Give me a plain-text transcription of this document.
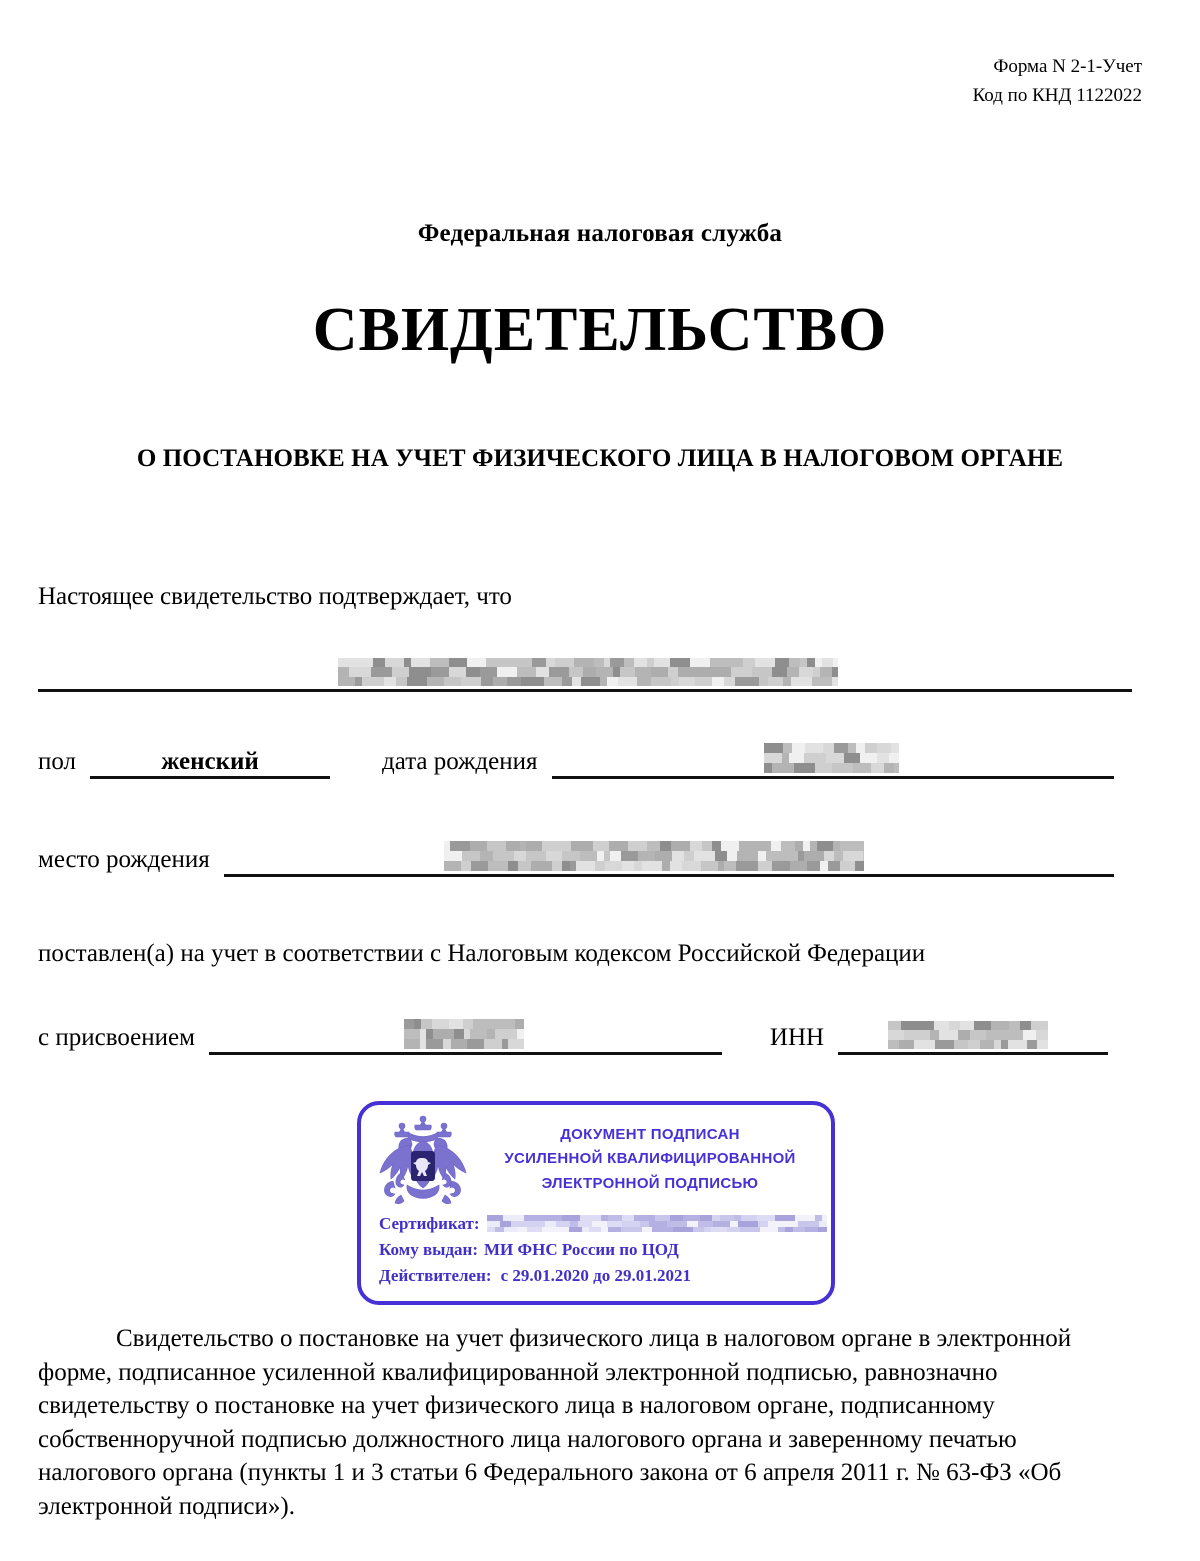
Форма N 2-1-Учет
Код по КНД 1122022
Федеральная налоговая служба
СВИДЕТЕЛЬСТВО
О ПОСТАНОВКЕ НА УЧЕТ ФИЗИЧЕСКОГО ЛИЦА В НАЛОГОВОМ ОРГАНЕ
Настоящее свидетельство подтверждает, что
пол	женский	дата рождения
место рождения
поставлен(а) на учет в соответствии с Налоговым кодексом Российской Федерации
с присвоением	ИНН
ДОКУМЕНТ ПОДПИСАН
УСИЛЕННОЙ КВАЛИФИЦИРОВАННОЙ
ЭЛЕКТРОННОЙ ПОДПИСЬЮ
Сертификат:
Кому выдан: МИ ФНС России по ЦОД
Действителен: с 29.01.2020 до 29.01.2021
Свидетельство о постановке на учет физического лица в налоговом органе в электронной форме, подписанное усиленной квалифицированной электронной подписью, равнозначно свидетельству о постановке на учет физического лица в налоговом органе, подписанному собственноручной подписью должностного лица налогового органа и заверенному печатью налогового органа (пункты 1 и 3 статьи 6 Федерального закона от 6 апреля 2011 г. № 63-ФЗ «Об электронной подписи»).
